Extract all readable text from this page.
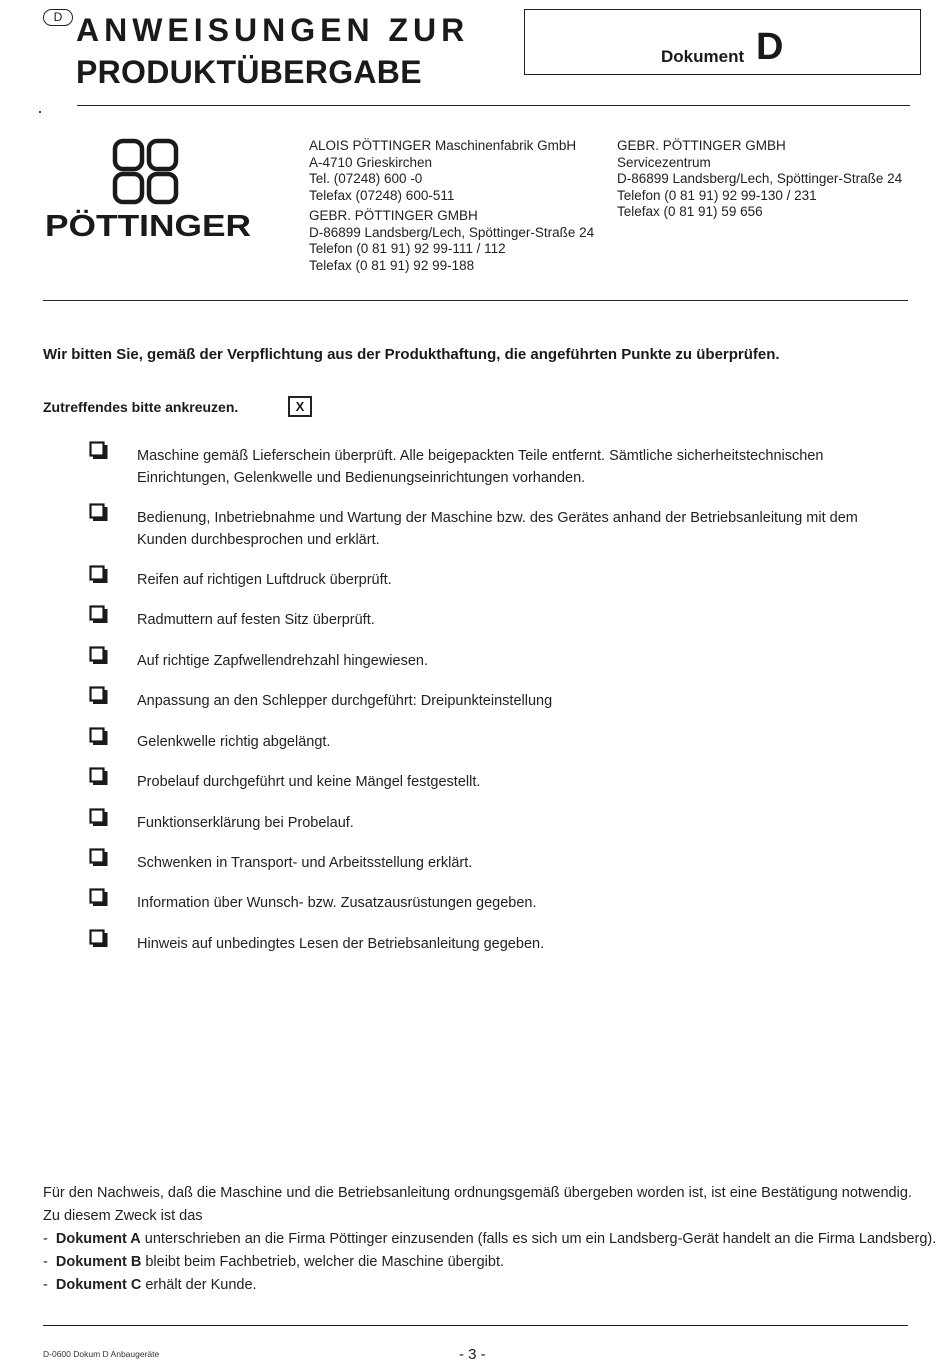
D ANWEISUNGEN ZUR
PRODUKTÜBERGABE	Dokument D
PÖTTINGER
ALOIS PÖTTINGER Maschinenfabrik GmbH
A-4710 Grieskirchen
Tel. (07248) 600 -0
Telefax (07248) 600-511
GEBR. PÖTTINGER GMBH
D-86899 Landsberg/Lech, Spöttinger-Straße 24
Telefon (0 81 91) 92 99-111 / 112
Telefax (0 81 91) 92 99-188
GEBR. PÖTTINGER GMBH
Servicezentrum
D-86899 Landsberg/Lech, Spöttinger-Straße 24
Telefon (0 81 91) 92 99-130 / 231
Telefax (0 81 91) 59 656
Wir bitten Sie, gemäß der Verpflichtung aus der Produkthaftung, die angeführten Punkte zu überprüfen.
Zutreffendes bitte ankreuzen.	X
Maschine gemäß Lieferschein überprüft. Alle beigepackten Teile entfernt. Sämtliche sicherheitstechnischen Einrichtungen, Gelenkwelle und Bedienungseinrichtungen vorhanden.
Bedienung, Inbetriebnahme und Wartung der Maschine bzw. des Gerätes anhand der Betriebsanleitung mit dem Kunden durchbesprochen und erklärt.
Reifen auf richtigen Luftdruck überprüft.
Radmuttern auf festen Sitz überprüft.
Auf richtige Zapfwellendrehzahl hingewiesen.
Anpassung an den Schlepper durchgeführt: Dreipunkteinstellung
Gelenkwelle richtig abgelängt.
Probelauf durchgeführt und keine Mängel festgestellt.
Funktionserklärung bei Probelauf.
Schwenken in Transport- und Arbeitsstellung erklärt.
Information über Wunsch- bzw. Zusatzausrüstungen gegeben.
Hinweis auf unbedingtes Lesen der Betriebsanleitung gegeben.
Für den Nachweis, daß die Maschine und die Betriebsanleitung ordnungsgemäß übergeben worden ist, ist eine Bestätigung notwendig.
Zu diesem Zweck ist das
- Dokument A unterschrieben an die Firma Pöttinger einzusenden (falls es sich um ein Landsberg-Gerät handelt an die Firma Landsberg).
- Dokument B bleibt beim Fachbetrieb, welcher die Maschine übergibt.
- Dokument C erhält der Kunde.
D-0600 Dokum D Anbaugeräte	- 3 -
